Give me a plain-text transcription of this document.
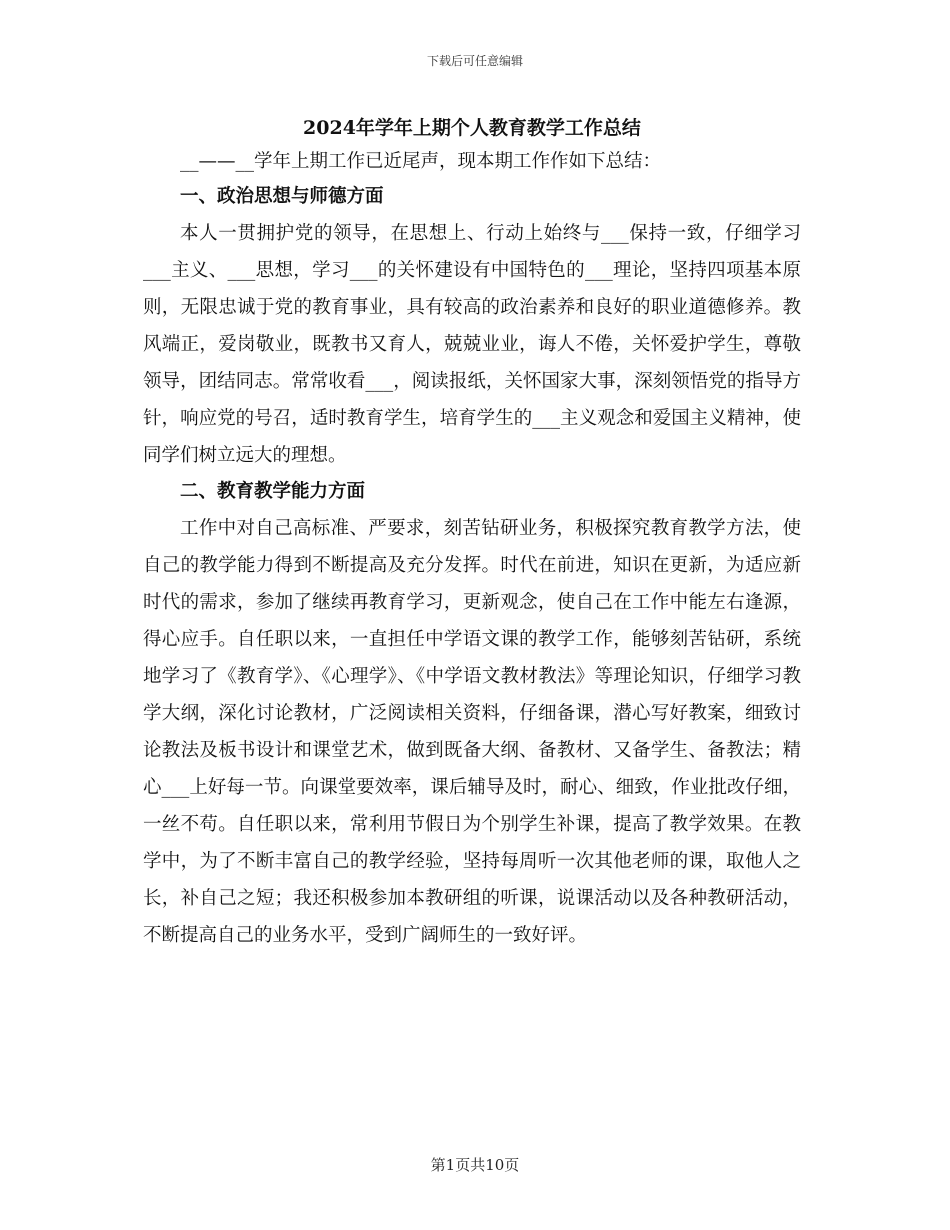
下载后可任意编辑
2024年学年上期个人教育教学工作总结

__——__学年上期工作已近尾声，现本期工作作如下总结：

一、政治思想与师德方面

本人一贯拥护党的领导，在思想上、行动上始终与___保持一致，仔细学习___主义、___思想，学习___的关怀建设有中国特色的___理论，坚持四项基本原则，无限忠诚于党的教育事业，具有较高的政治素养和良好的职业道德修养。教风端正，爱岗敬业，既教书又育人，兢兢业业，诲人不倦，关怀爱护学生，尊敬领导，团结同志。常常收看___，阅读报纸，关怀国家大事，深刻领悟党的指导方针，响应党的号召，适时教育学生，培育学生的___主义观念和爱国主义精神，使同学们树立远大的理想。

二、教育教学能力方面

工作中对自己高标准、严要求，刻苦钻研业务，积极探究教育教学方法，使自己的教学能力得到不断提高及充分发挥。时代在前进，知识在更新，为适应新时代的需求，参加了继续再教育学习，更新观念，使自己在工作中能左右逢源，得心应手。自任职以来，一直担任中学语文课的教学工作，能够刻苦钻研，系统地学习了《教育学》、《心理学》、《中学语文教材教法》等理论知识，仔细学习教学大纲，深化讨论教材，广泛阅读相关资料，仔细备课，潜心写好教案，细致讨论教法及板书设计和课堂艺术，做到既备大纲、备教材、又备学生、备教法；精心___上好每一节。向课堂要效率，课后辅导及时，耐心、细致，作业批改仔细，一丝不苟。自任职以来，常利用节假日为个别学生补课，提高了教学效果。在教学中，为了不断丰富自己的教学经验，坚持每周听一次其他老师的课，取他人之长，补自己之短；我还积极参加本教研组的听课，说课活动以及各种教研活动，不断提高自己的业务水平，受到广阔师生的一致好评。

第1页共10页
